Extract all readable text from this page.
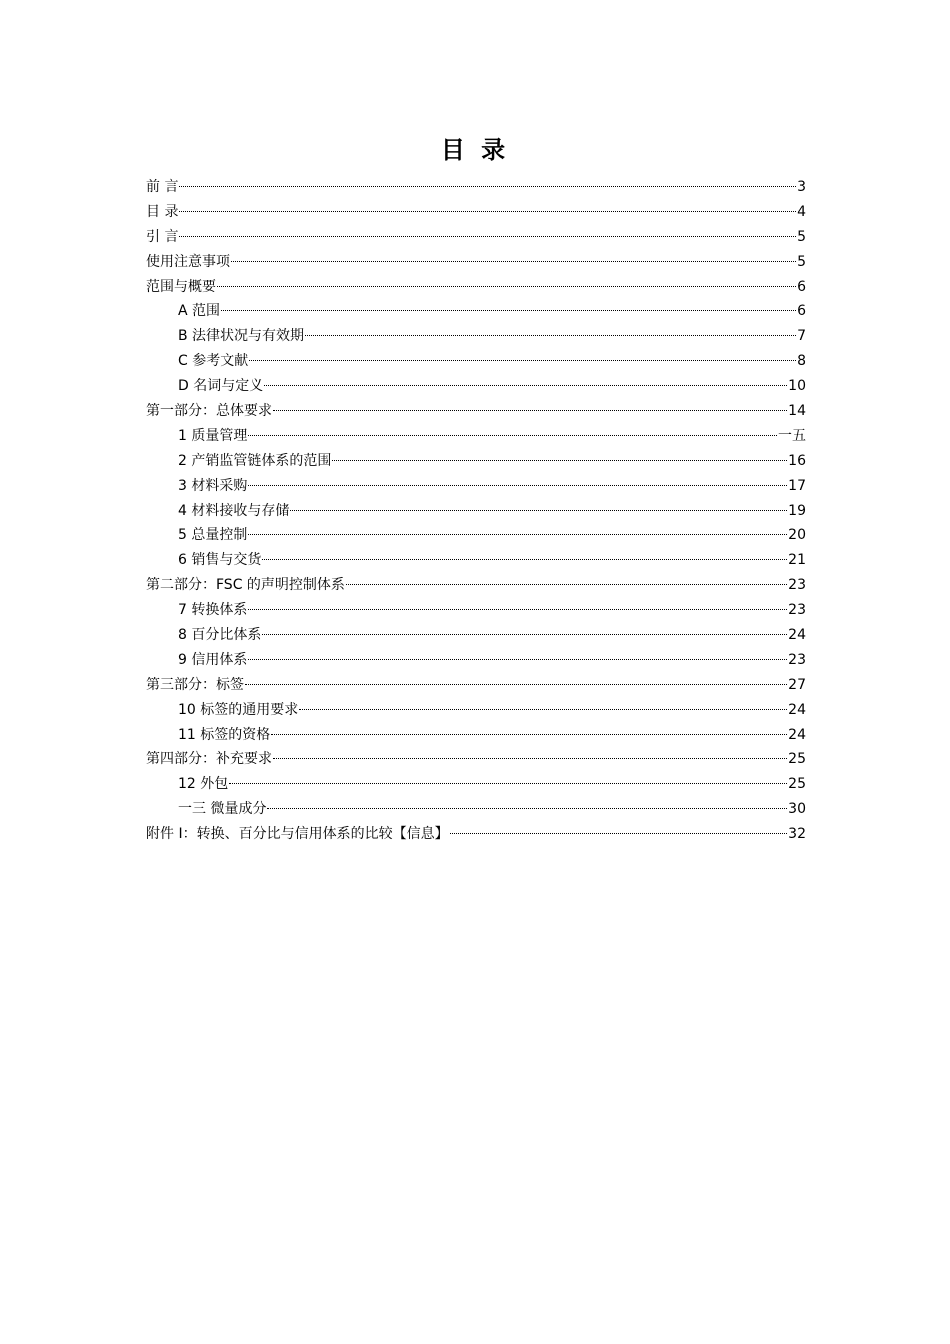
目 录
前 言	3
目 录	4
引 言	5
使用注意事项	5
范围与概要	6
A 范围	6
B 法律状况与有效期	7
C 参考文献	8
D 名词与定义	10
第一部分：总体要求	14
1 质量管理	一五
2 产销监管链体系的范围	16
3 材料采购	17
4 材料接收与存储	19
5 总量控制	20
6 销售与交货	21
第二部分：FSC 的声明控制体系	23
7 转换体系	23
8 百分比体系	24
9 信用体系	23
第三部分：标签	27
10 标签的通用要求	24
11 标签的资格	24
第四部分：补充要求	25
12 外包	25
一三 微量成分	30
附件 I：转换、百分比与信用体系的比较【信息】	32
